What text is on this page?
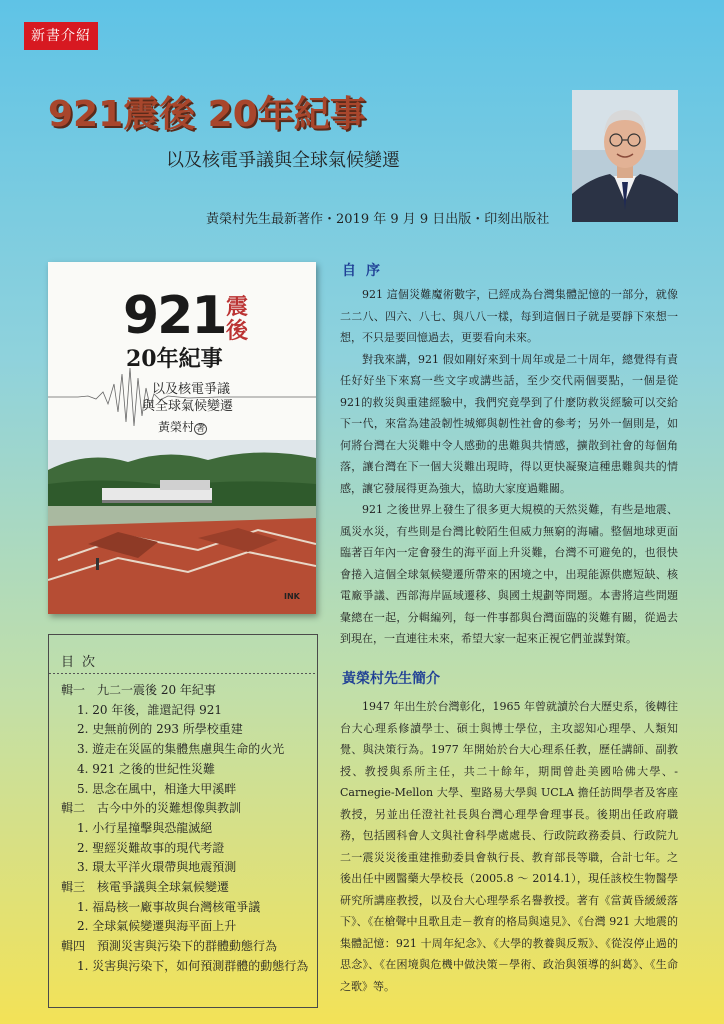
新書介紹
921震後 20年紀事
以及核電爭議與全球氣候變遷
黃榮村先生最新著作・2019 年 9 月 9 日出版・印刻出版社
921 震
後
20年紀事
以及核電爭議
與全球氣候變遷
黃榮村 著
INK
目次
輯一　九二一震後 20 年紀事
1. 20 年後，誰還記得 921
2. 史無前例的 293 所學校重建
3. 遊走在災區的集體焦慮與生命的火光
4. 921 之後的世紀性災難
5. 思念在風中，相逢大甲溪畔
輯二　古今中外的災難想像與教訓
1. 小行星撞擊與恐龍滅絕
2. 聖經災難故事的現代考證
3. 環太平洋火環帶與地震預測
輯三　核電爭議與全球氣候變遷
1. 福島核一廠事故與台灣核電爭議
2. 全球氣候變遷與海平面上升
輯四　預測災害與污染下的群體動態行為
1. 災害與污染下，如何預測群體的動態行為
自序

921 這個災難魔術數字，已經成為台灣集體記憶的一部分，就像二二八、四六、八七、與八八一樣，每到這個日子就是要靜下來想一想，不只是要回憶過去，更要看向未來。

對我來講，921 假如剛好來到十周年或是二十周年，總覺得有責任好好坐下來寫一些文字或講些話，至少交代兩個要點，一個是從921的救災與重建經驗中，我們究竟學到了什麼防救災經驗可以交給下一代，來當為建設韌性城鄉與韌性社會的參考；另外一個則是，如何將台灣在大災難中令人感動的患難與共情感，擴散到社會的每個角落，讓台灣在下一個大災難出現時，得以更快凝聚這種患難與共的情感，讓它發展得更為強大，協助大家度過難關。

921 之後世界上發生了很多更大規模的天然災難，有些是地震、風災水災，有些則是台灣比較陌生但威力無窮的海嘯。整個地球更面臨著百年內一定會發生的海平面上升災難，台灣不可避免的，也很快會捲入這個全球氣候變遷所帶來的困境之中，出現能源供應短缺、核電廠爭議、西部海岸區域遷移、與國土規劃等問題。本書將這些問題彙總在一起，分輯編列，每一件事都與台灣面臨的災難有關，從過去到現在，一直連往未來，希望大家一起來正視它們並謀對策。

黃榮村先生簡介

1947 年出生於台灣彰化，1965 年曾就讀於台大歷史系，後轉往台大心理系修讀學士、碩士與博士學位，主攻認知心理學、人類知覺、與決策行為。1977 年開始於台大心理系任教，歷任講師、副教授、教授與系所主任，共二十餘年，期間曾赴美國哈佛大學、-Carnegie-Mellon 大學、聖路易大學與 UCLA 擔任訪問學者及客座教授，另並出任澄社社長與台灣心理學會理事長。後期出任政府職務，包括國科會人文與社會科學處處長、行政院政務委員、行政院九二一震災災後重建推動委員會執行長、教育部長等職，合計七年。之後出任中國醫藥大學校長（2005.8 ～ 2014.1），現任該校生物醫學研究所講座教授，以及台大心理學系名譽教授。著有《當黃昏緩緩落下》、《在槍聲中且歌且走－教育的格局與遠見》、《台灣 921 大地震的集體記憶：921 十周年紀念》、《大學的教養與反叛》、《從沒停止過的思念》、《在困境與危機中做決策－學術、政治與領導的糾葛》、《生命之歌》等。
